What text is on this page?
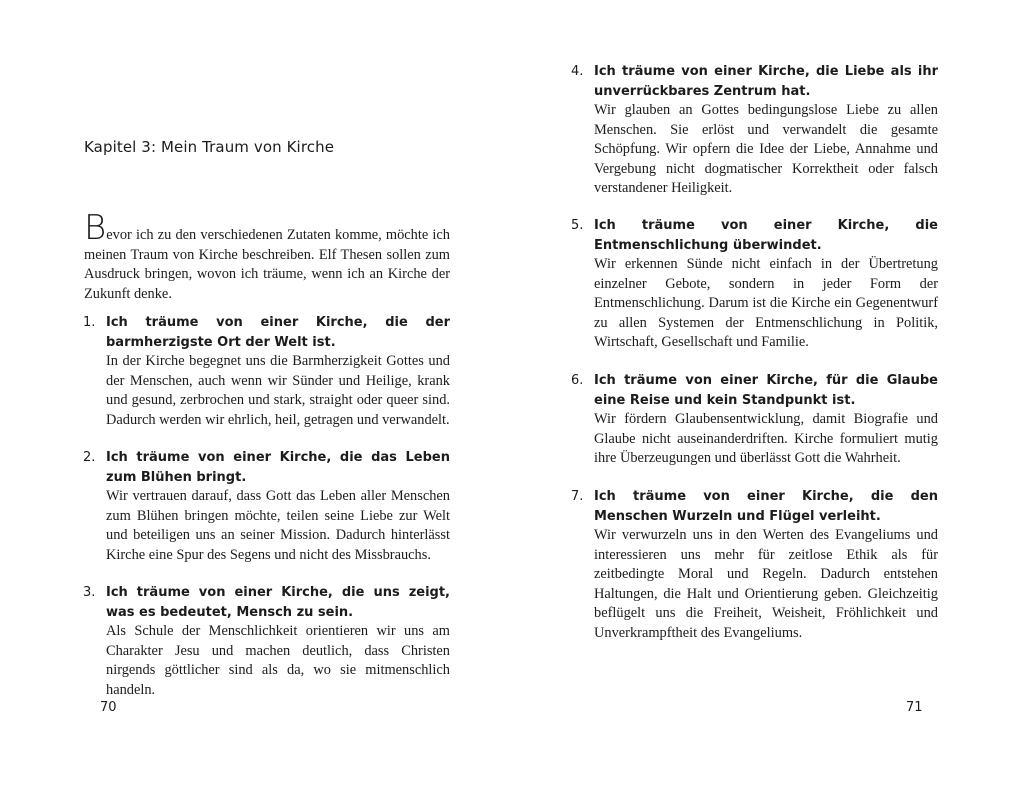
Kapitel 3: Mein Traum von Kirche

Bevor ich zu den verschiedenen Zutaten komme, möchte ich meinen Traum von Kirche beschreiben. Elf Thesen sollen zum Ausdruck bringen, wovon ich träume, wenn ich an Kirche der Zukunft denke.

1. Ich träume von einer Kirche, die der barmherzigste Ort der Welt ist.

In der Kirche begegnet uns die Barmherzigkeit Gottes und der Menschen, auch wenn wir Sünder und Heilige, krank und gesund, zerbrochen und stark, straight oder queer sind. Dadurch werden wir ehrlich, heil, getragen und verwandelt.

2. Ich träume von einer Kirche, die das Leben zum Blühen bringt.

Wir vertrauen darauf, dass Gott das Leben aller Menschen zum Blühen bringen möchte, teilen seine Liebe zur Welt und beteiligen uns an seiner Mission. Dadurch hinterlässt Kirche eine Spur des Segens und nicht des Missbrauchs.

3. Ich träume von einer Kirche, die uns zeigt, was es bedeutet, Mensch zu sein.

Als Schule der Menschlichkeit orientieren wir uns am Charakter Jesu und machen deutlich, dass Christen nirgends göttlicher sind als da, wo sie mitmenschlich handeln.

70
4. Ich träume von einer Kirche, die Liebe als ihr unverrückbares Zentrum hat.

Wir glauben an Gottes bedingungslose Liebe zu allen Menschen. Sie erlöst und verwandelt die gesamte Schöpfung. Wir opfern die Idee der Liebe, Annahme und Vergebung nicht dogmatischer Korrektheit oder falsch verstandener Heiligkeit.

5. Ich träume von einer Kirche, die Entmenschlichung überwindet.

Wir erkennen Sünde nicht einfach in der Übertretung einzelner Gebote, sondern in jeder Form der Entmenschlichung. Darum ist die Kirche ein Gegenentwurf zu allen Systemen der Entmenschlichung in Politik, Wirtschaft, Gesellschaft und Familie.

6. Ich träume von einer Kirche, für die Glaube eine Reise und kein Standpunkt ist.

Wir fördern Glaubensentwicklung, damit Biografie und Glaube nicht auseinanderdriften. Kirche formuliert mutig ihre Überzeugungen und überlässt Gott die Wahrheit.

7. Ich träume von einer Kirche, die den Menschen Wurzeln und Flügel verleiht.

Wir verwurzeln uns in den Werten des Evangeliums und interessieren uns mehr für zeitlose Ethik als für zeitbedingte Moral und Regeln. Dadurch entstehen Haltungen, die Halt und Orientierung geben. Gleichzeitig beflügelt uns die Freiheit, Weisheit, Fröhlichkeit und Unverkrampftheit des Evangeliums.

71
